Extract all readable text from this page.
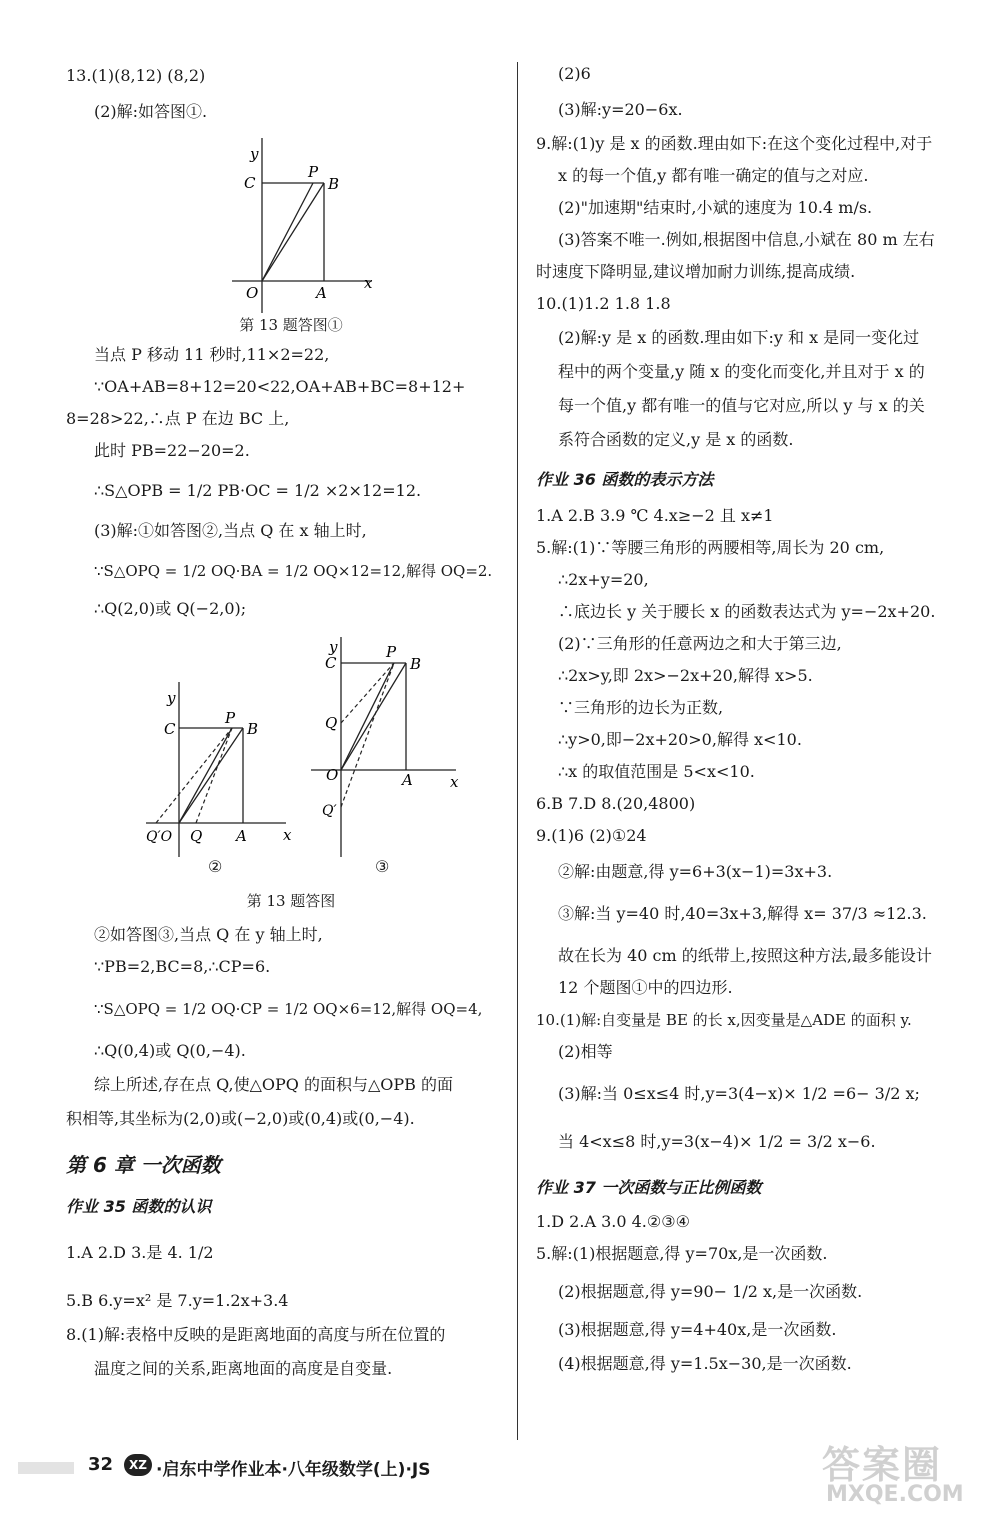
13.(1)(8,12) (8,2)

(2)解:如答图①.

y
x
C
P
B
O	A

第 13 题答图①

当点 P 移动 11 秒时,11×2=22,

∵OA+AB=8+12=20<22,OA+AB+BC=8+12+

8=28>22,∴点 P 在边 BC 上,

此时 PB=22−20=2.

∴S△OPB = 1/2 PB·OC = 1/2 ×2×12=12.

(3)解:①如答图②,当点 Q 在 x 轴上时,

∵S△OPQ = 1/2 OQ·BA = 1/2 OQ×12=12,解得 OQ=2.

∴Q(2,0)或 Q(−2,0);

y
x
C
P
B
Q′O Q A
y
x
C
P
B
Q
O	A
Q′
②	③

第 13 题答图

②如答图③,当点 Q 在 y 轴上时,

∵PB=2,BC=8,∴CP=6.

∵S△OPQ = 1/2 OQ·CP = 1/2 OQ×6=12,解得 OQ=4,

∴Q(0,4)或 Q(0,−4).

综上所述,存在点 Q,使△OPQ 的面积与△OPB 的面

积相等,其坐标为(2,0)或(−2,0)或(0,4)或(0,−4).

第 6 章 一次函数

作业 35 函数的认识

1.A 2.D 3.是 4. 1/2

5.B 6.y=x² 是 7.y=1.2x+3.4

8.(1)解:表格中反映的是距离地面的高度与所在位置的

温度之间的关系,距离地面的高度是自变量.

(2)6

(3)解:y=20−6x.

9.解:(1)y 是 x 的函数.理由如下:在这个变化过程中,对于

x 的每一个值,y 都有唯一确定的值与之对应.

(2)"加速期"结束时,小斌的速度为 10.4 m/s.

(3)答案不唯一.例如,根据图中信息,小斌在 80 m 左右

时速度下降明显,建议增加耐力训练,提高成绩.

10.(1)1.2 1.8 1.8

(2)解:y 是 x 的函数.理由如下:y 和 x 是同一变化过

程中的两个变量,y 随 x 的变化而变化,并且对于 x 的

每一个值,y 都有唯一的值与它对应,所以 y 与 x 的关

系符合函数的定义,y 是 x 的函数.

作业 36 函数的表示方法

1.A 2.B 3.9 ℃ 4.x≥−2 且 x≠1

5.解:(1)∵等腰三角形的两腰相等,周长为 20 cm,

∴2x+y=20,

∴底边长 y 关于腰长 x 的函数表达式为 y=−2x+20.

(2)∵三角形的任意两边之和大于第三边,

∴2x>y,即 2x>−2x+20,解得 x>5.

∵三角形的边长为正数,

∴y>0,即−2x+20>0,解得 x<10.

∴x 的取值范围是 5<x<10.

6.B 7.D 8.(20,4800)

9.(1)6 (2)①24

②解:由题意,得 y=6+3(x−1)=3x+3.

③解:当 y=40 时,40=3x+3,解得 x= 37/3 ≈12.3.

故在长为 40 cm 的纸带上,按照这种方法,最多能设计

12 个题图①中的四边形.

10.(1)解:自变量是 BE 的长 x,因变量是△ADE 的面积 y.

(2)相等

(3)解:当 0≤x≤4 时,y=3(4−x)× 1/2 =6− 3/2 x;

当 4<x≤8 时,y=3(x−4)× 1/2 = 3/2 x−6.

作业 37 一次函数与正比例函数

1.D 2.A 3.0 4.②③④

5.解:(1)根据题意,得 y=70x,是一次函数.

(2)根据题意,得 y=90− 1/2 x,是一次函数.

(3)根据题意,得 y=4+40x,是一次函数.

(4)根据题意,得 y=1.5x−30,是一次函数.

32	XZ ·启东中学作业本·八年级数学(上)·JS	答案圈
MXQE.COM
